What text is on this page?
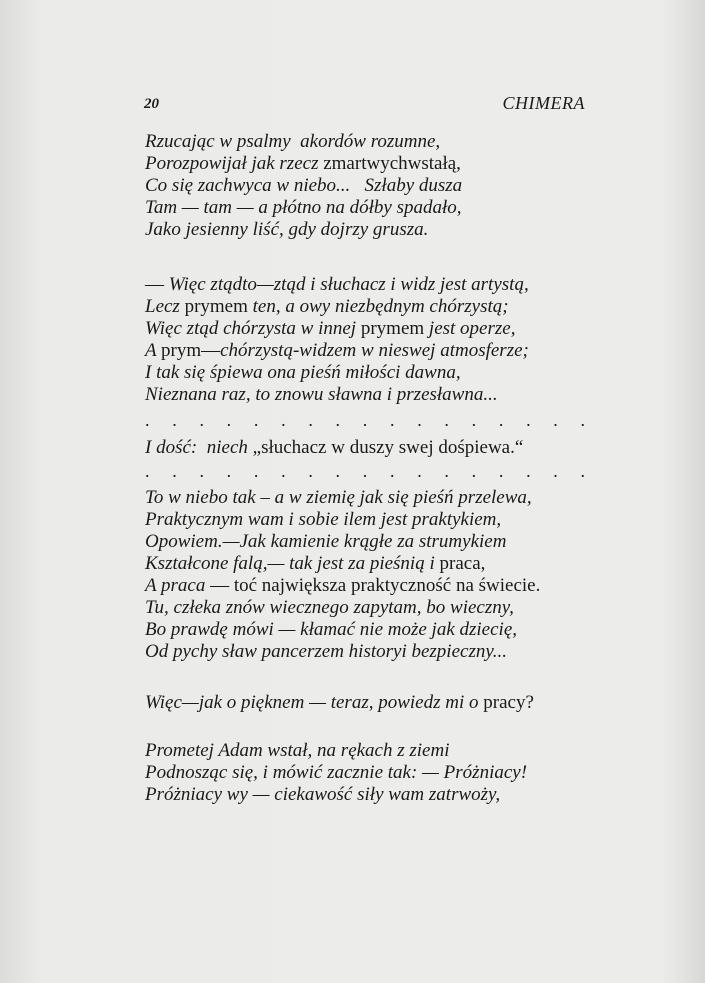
20	CHIMERA
Rzucając w psalmy  akordów rozumne,
Porozpowijał jak rzecz zmartwychwstałą,
Co się zachwyca w niebo...   Szłaby dusza
Tam — tam — a płótno na dółby spadało,
Jako jesienny liść, gdy dojrzy grusza.
— Więc ztądto—ztąd i słuchacz i widz jest artystą,
Lecz prymem ten, a owy niezbędnym chórzystą;
Więc ztąd chórzysta w innej prymem jest operze,
A prym—chórzystą-widzem w nieswej atmosferze;
I tak się śpiewa ona pieśń miłości dawna,
Nieznana raz, to znowu sławna i przesławna...
I dość:  niech „słuchacz w duszy swej dośpiewa.“
To w niebo tak – a w ziemię jak się pieśń przelewa,
Praktycznym wam i sobie ilem jest praktykiem,
Opowiem.—Jak kamienie krągłe za strumykiem
Kształcone falą,— tak jest za pieśnią i praca,
A praca — toć największa praktyczność na świecie.
Tu, człeka znów wiecznego zapytam, bo wieczny,
Bo prawdę mówi — kłamać nie może jak dziecię,
Od pychy sław pancerzem historyi bezpieczny...
Więc—jak o pięknem — teraz, powiedz mi o pracy?
Prometej Adam wstał, na rękach z ziemi
Podnosząc się, i mówić zacznie tak: — Próżniacy!
Próżniacy wy — ciekawość siły wam zatrwoży,
. . . . . . . . . . . . . . . . .
. . . . . . . . . . . . . . . . .
